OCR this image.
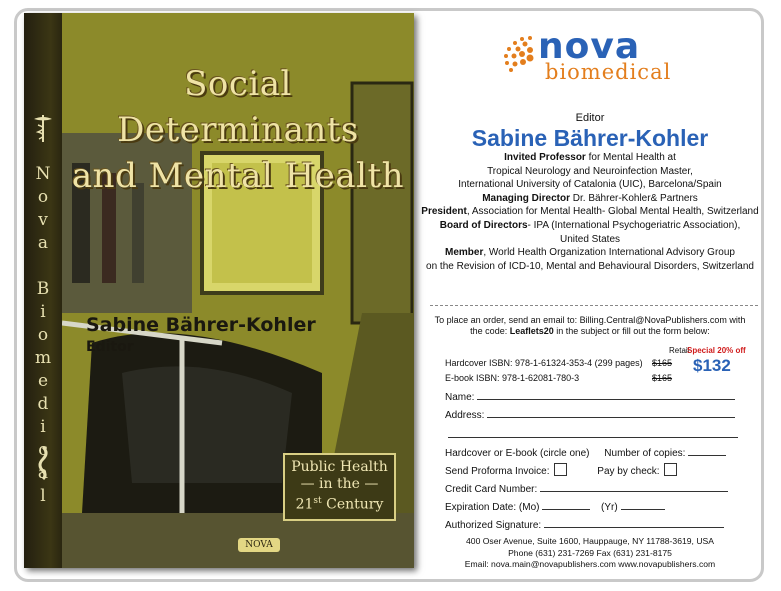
N
o
v
a

B
i
o
m
e
d
i
c
a
l
Social Determinants
and Mental Health
Sabine Bährer-Kohler
Editor
Public Health
— in the —
21st Century
NOVA
nova
biomedical
Editor
Sabine Bährer-Kohler
Invited Professor for Mental Health at
Tropical Neurology and Neuroinfection Master,
International University of Catalonia (UIC), Barcelona/Spain
Managing Director Dr. Bährer-Kohler& Partners
President, Association for Mental Health- Global Mental Health, Switzerland
Board of Directors- IPA (International Psychogeriatric Association),
United States
Member, World Health Organization International Advisory Group
on the Revision of ICD-10, Mental and Behavioural Disorders, Switzerland
To place an order, send an email to: Billing.Central@NovaPublishers.com with
the code: Leaflets20 in the subject or fill out the form below:
Retail
Special 20% off
Hardcover ISBN: 978-1-61324-353-4 (299 pages)
E-book ISBN: 978-1-62081-780-3
$165
$165
$132
Name:
Address:
Hardcover or E-book (circle one) Number of copies:
Send Proforma Invoice:	Pay by check:
Credit Card Number:
Expiration Date: (Mo)	(Yr)
Authorized Signature:
400 Oser Avenue, Suite 1600, Hauppauge, NY 11788-3619, USA
Phone (631) 231-7269 Fax (631) 231-8175
Email: nova.main@novapublishers.com www.novapublishers.com
